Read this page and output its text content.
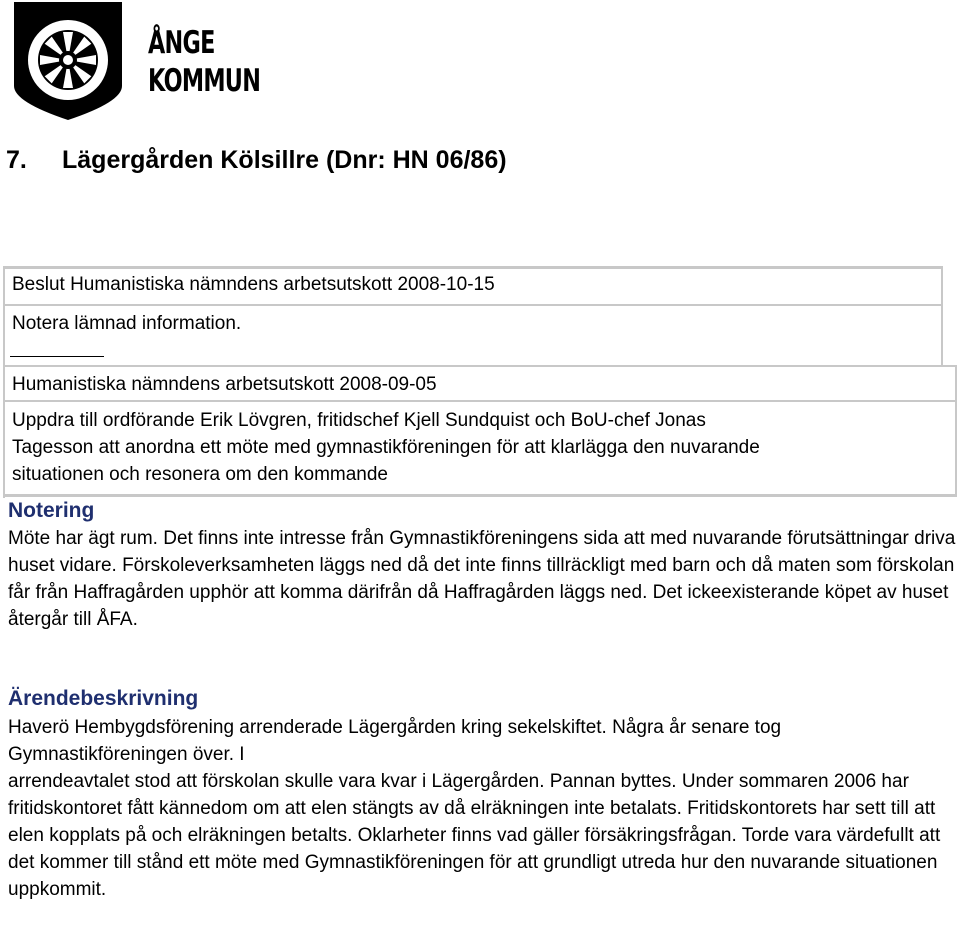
ÅNGE
KOMMUN
7. Lägergården Kölsillre (Dnr: HN 06/86)
Beslut Humanistiska nämndens arbetsutskott 2008-10-15
Notera lämnad information.
Humanistiska nämndens arbetsutskott 2008-09-05
Uppdra till ordförande Erik Lövgren, fritidschef Kjell Sundquist och BoU-chef Jonas
Tagesson att anordna ett möte med gymnastikföreningen för att klarlägga den nuvarande
situationen och resonera om den kommande
Notering
Möte har ägt rum. Det finns inte intresse från Gymnastikföreningens sida att med nuvarande förutsättningar driva huset vidare. Förskoleverksamheten läggs ned då det inte finns tillräckligt med barn och då maten som förskolan får från Haffragården upphör att komma därifrån då Haffragården läggs ned. Det ickeexisterande köpet av huset återgår till ÅFA.
Ärendebeskrivning
Haverö Hembygdsförening arrenderade Lägergården kring sekelskiftet. Några år senare tog Gymnastikföreningen över. I
arrendeavtalet stod att förskolan skulle vara kvar i Lägergården. Pannan byttes. Under sommaren 2006 har fritidskontoret fått kännedom om att elen stängts av då elräkningen inte betalats. Fritidskontorets har sett till att elen kopplats på och elräkningen betalts. Oklarheter finns vad gäller försäkringsfrågan. Torde vara värdefullt att det kommer till stånd ett möte med Gymnastikföreningen för att grundligt utreda hur den nuvarande situationen uppkommit.
